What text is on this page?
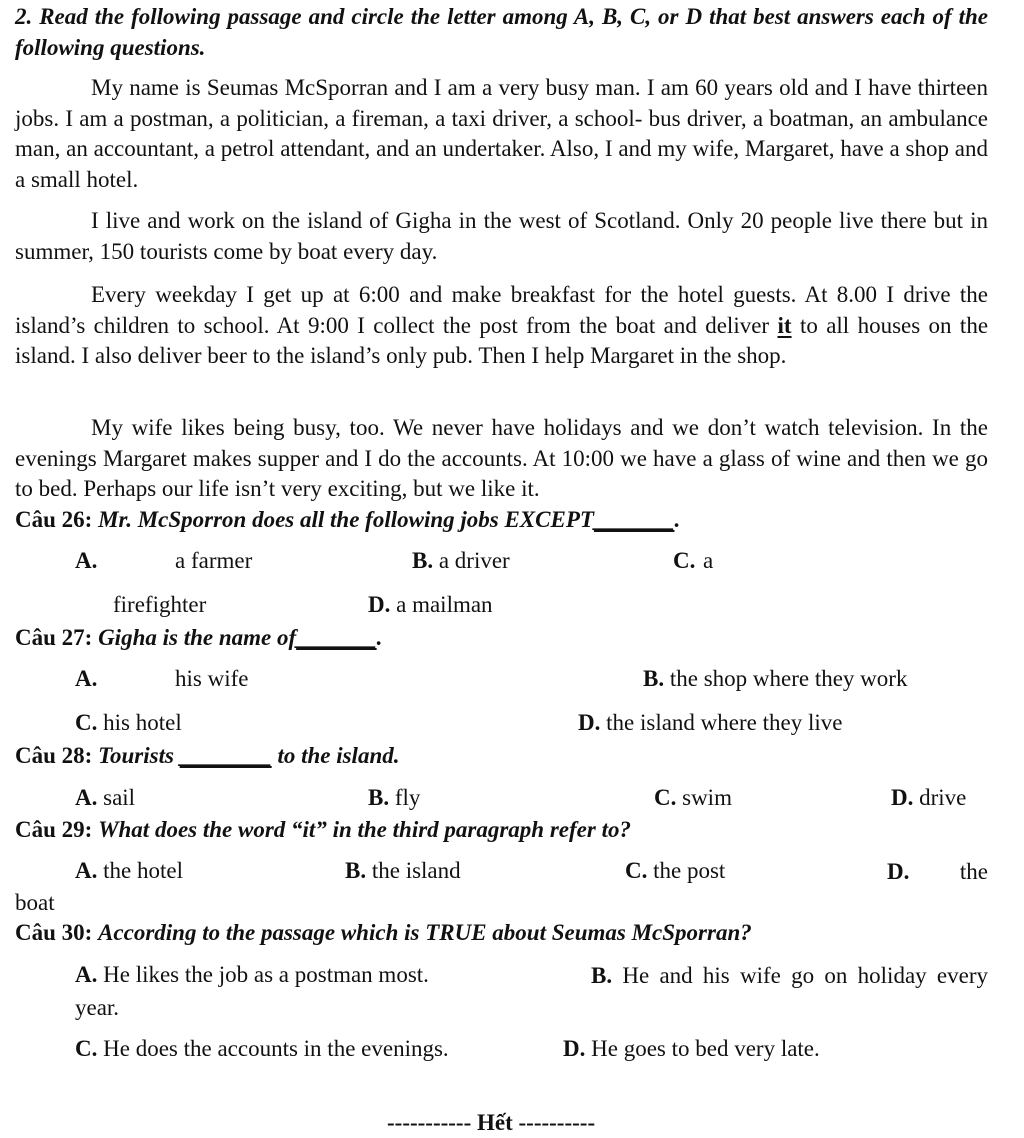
2. Read the following passage and circle the letter among A, B, C, or D that best answers each of the following questions.
My name is Seumas McSporran and I am a very busy man. I am 60 years old and I have thirteen jobs. I am a postman, a politician, a fireman, a taxi driver, a school- bus driver, a boatman, an ambulance man, an accountant, a petrol attendant, and an undertaker. Also, I and my wife, Margaret, have a shop and a small hotel.
I live and work on the island of Gigha in the west of Scotland. Only 20 people live there but in summer, 150 tourists come by boat every day.
Every weekday I get up at 6:00 and make breakfast for the hotel guests. At 8.00 I drive the island’s children to school. At 9:00 I collect the post from the boat and deliver it to all houses on the island. I also deliver beer to the island’s only pub. Then I help Margaret in the shop.
My wife likes being busy, too. We never have holidays and we don’t watch television. In the evenings Margaret makes supper and I do the accounts. At 10:00 we have a glass of wine and then we go to bed. Perhaps our life isn’t very exciting, but we like it.
Câu 26: Mr. McSporron does all the following jobs EXCEPT_______.
A.	a farmer	B. a driver	C. a
firefighter	D. a mailman
Câu 27: Gigha is the name of_______.
A.	his wife	B. the shop where they work
C. his hotel	D. the island where they live
Câu 28: Tourists ________ to the island.
A. sail	B. fly	C. swim	D. drive
Câu 29: What does the word “it” in the third paragraph refer to?
A. the hotel	B. the island	C. the post	D. the boat
Câu 30: According to the passage which is TRUE about Seumas McSporran?
A. He likes the job as a postman most.	B. He and his wife go on holiday every year.
C. He does the accounts in the evenings.	D. He goes to bed very late.
----------- Hết ----------
